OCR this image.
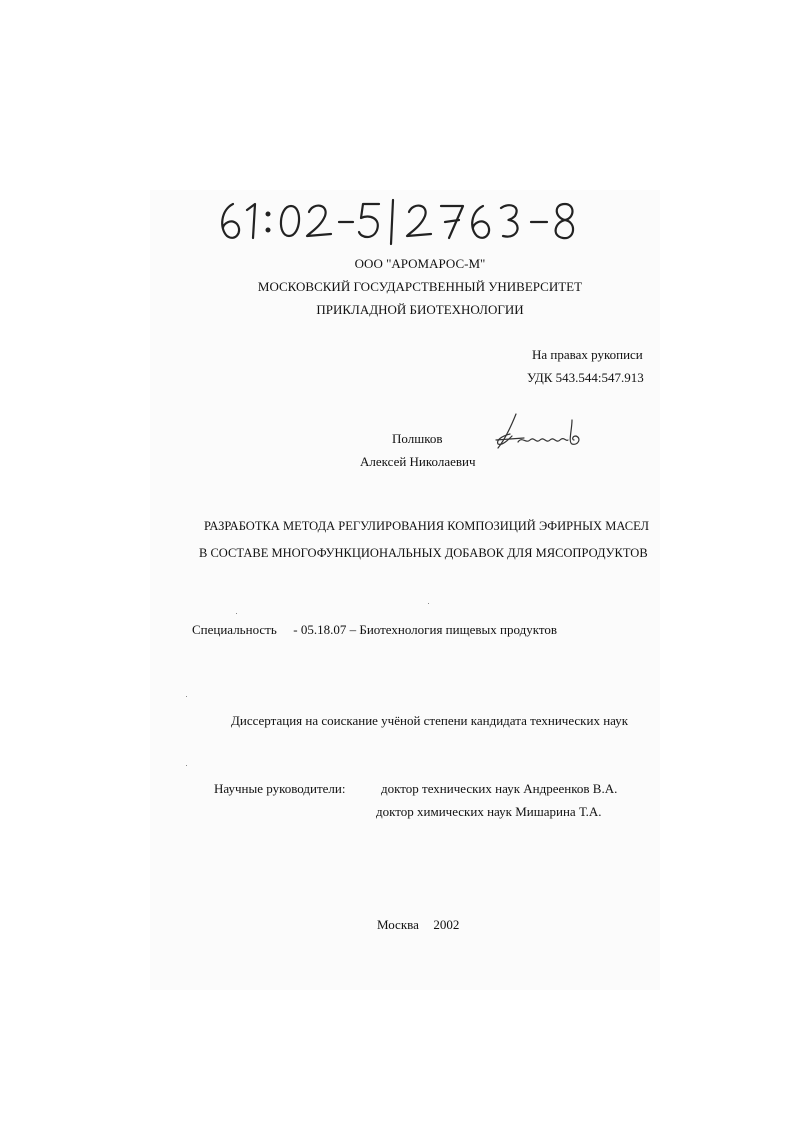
ООО "АРОМАРОС-М"
МОСКОВСКИЙ ГОСУДАРСТВЕННЫЙ УНИВЕРСИТЕТ
ПРИКЛАДНОЙ БИОТЕХНОЛОГИИ
На правах рукописи
УДК 543.544:547.913
Полшков
Алексей Николаевич
РАЗРАБОТКА МЕТОДА РЕГУЛИРОВАНИЯ КОМПОЗИЦИЙ ЭФИРНЫХ МАСЕЛ
В СОСТАВЕ МНОГОФУНКЦИОНАЛЬНЫХ ДОБАВОК ДЛЯ МЯСОПРОДУКТОВ
Специальность - 05.18.07 – Биотехнология пищевых продуктов
Диссертация на соискание учёной степени кандидата технических наук
Научные руководители:	доктор технических наук Андреенков В.А.
доктор химических наук Мишарина Т.А.
Москва 2002
